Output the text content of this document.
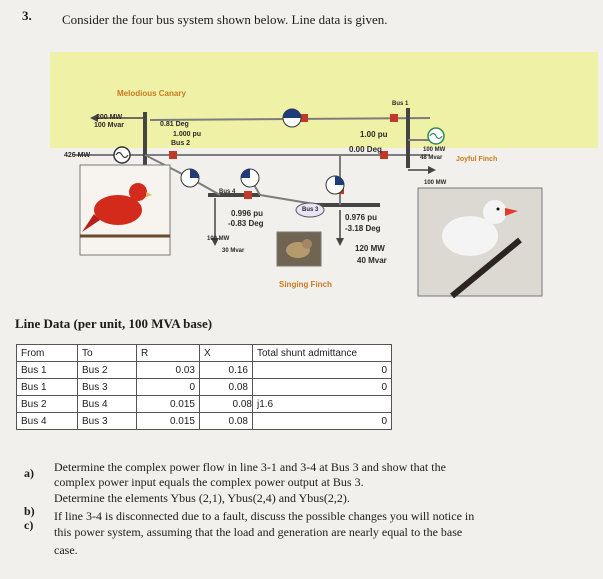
3. Consider the four bus system shown below. Line data is given.
Melodious Canary
200 MW
100 Mvar
426 MW
0.81 Deg
1.000 pu
Bus 2
Bus 1
1.00 pu
0.00 Deg	100 MW
48 Mvar Joyful Finch
100 MW
Bus 4
0.996 pu
-0.83 Deg
Bus 3
0.976 pu
-3.18 Deg
100 MW
30 Mvar	120 MW
40 Mvar
Singing Finch
Line Data (per unit, 100 MVA base)
From	To	R	X	Total shunt admittance
Bus 1	Bus 2	0.03	0.16	0
Bus 1	Bus 3	0	0.08	0
Bus 2	Bus 4	0.015	0.08	j1.6
Bus 4	Bus 3	0.015	0.08	0
a) Determine the complex power flow in line 3-1 and 3-4 at Bus 3 and show that the
complex power input equals the complex power output at Bus 3.
b)
Determine the elements Ybus (2,1), Ybus(2,4) and Ybus(2,2).
c)
If line 3-4 is disconnected due to a fault, discuss the possible changes you will notice in
this power system, assuming that the load and generation are nearly equal to the base
case.
